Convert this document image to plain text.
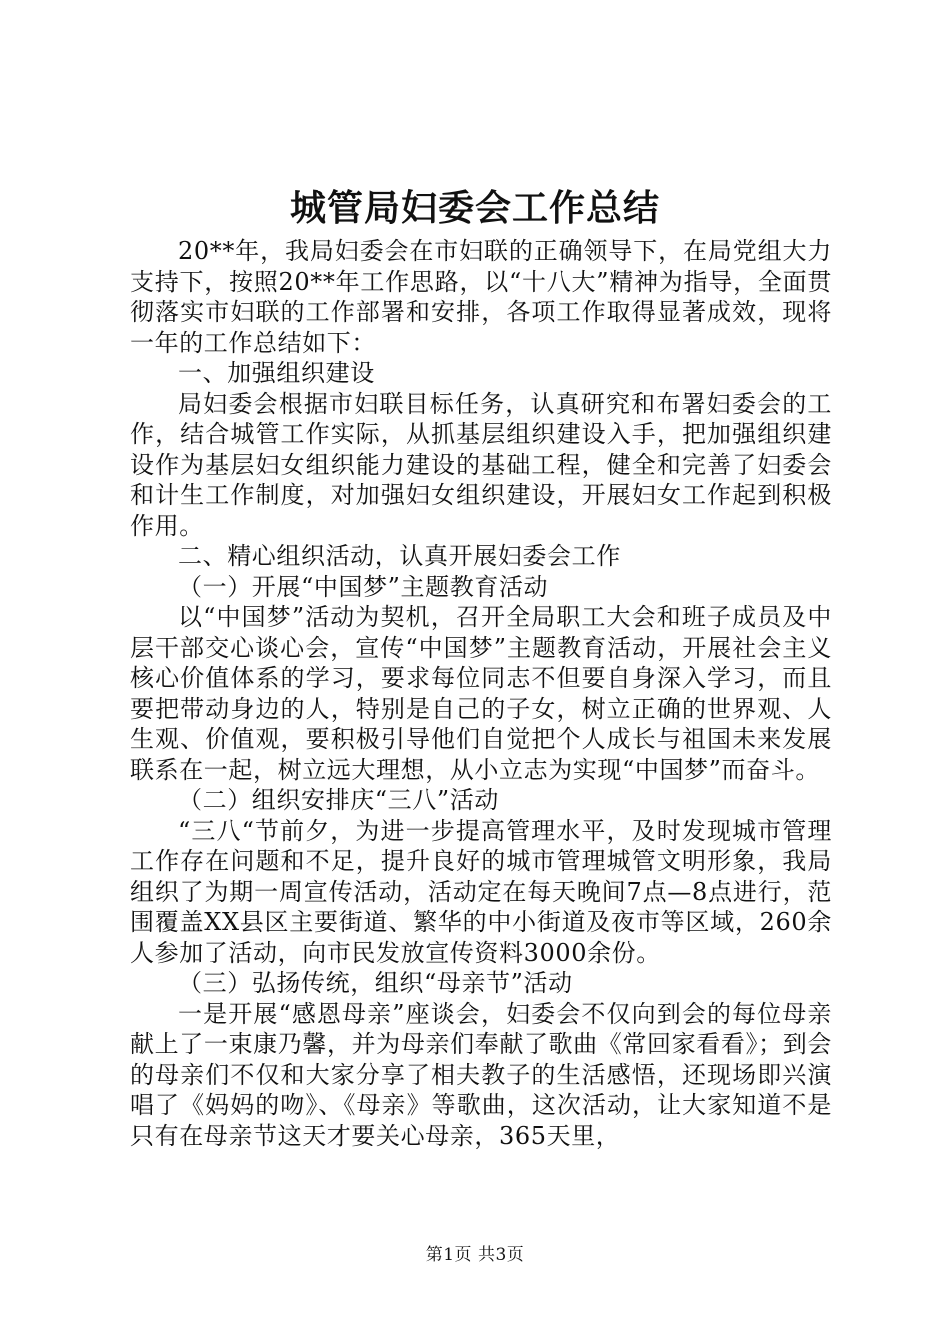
城管局妇委会工作总结

20**年，我局妇委会在市妇联的正确领导下，在局党组大力支持下，按照20**年工作思路，以“十八大”精神为指导，全面贯彻落实市妇联的工作部署和安排，各项工作取得显著成效，现将一年的工作总结如下：

一、加强组织建设

局妇委会根据市妇联目标任务，认真研究和布署妇委会的工作，结合城管工作实际，从抓基层组织建设入手，把加强组织建设作为基层妇女组织能力建设的基础工程，健全和完善了妇委会和计生工作制度，对加强妇女组织建设，开展妇女工作起到积极作用。

二、精心组织活动，认真开展妇委会工作

（一）开展“中国梦”主题教育活动

以“中国梦”活动为契机，召开全局职工大会和班子成员及中层干部交心谈心会，宣传“中国梦”主题教育活动，开展社会主义核心价值体系的学习，要求每位同志不但要自身深入学习，而且要把带动身边的人，特别是自己的子女，树立正确的世界观、人生观、价值观，要积极引导他们自觉把个人成长与祖国未来发展联系在一起，树立远大理想，从小立志为实现“中国梦”而奋斗。

（二）组织安排庆“三八”活动

“三八“节前夕，为进一步提高管理水平，及时发现城市管理工作存在问题和不足，提升良好的城市管理城管文明形象，我局组织了为期一周宣传活动，活动定在每天晚间7点—8点进行，范围覆盖XX县区主要街道、繁华的中小街道及夜市等区域，260余人参加了活动，向市民发放宣传资料3000余份。

（三）弘扬传统，组织“母亲节”活动

一是开展“感恩母亲”座谈会，妇委会不仅向到会的每位母亲献上了一束康乃馨，并为母亲们奉献了歌曲《常回家看看》；到会的母亲们不仅和大家分享了相夫教子的生活感悟，还现场即兴演唱了《妈妈的吻》、《母亲》等歌曲，这次活动，让大家知道不是只有在母亲节这天才要关心母亲，365天里，

第1页 共3页
